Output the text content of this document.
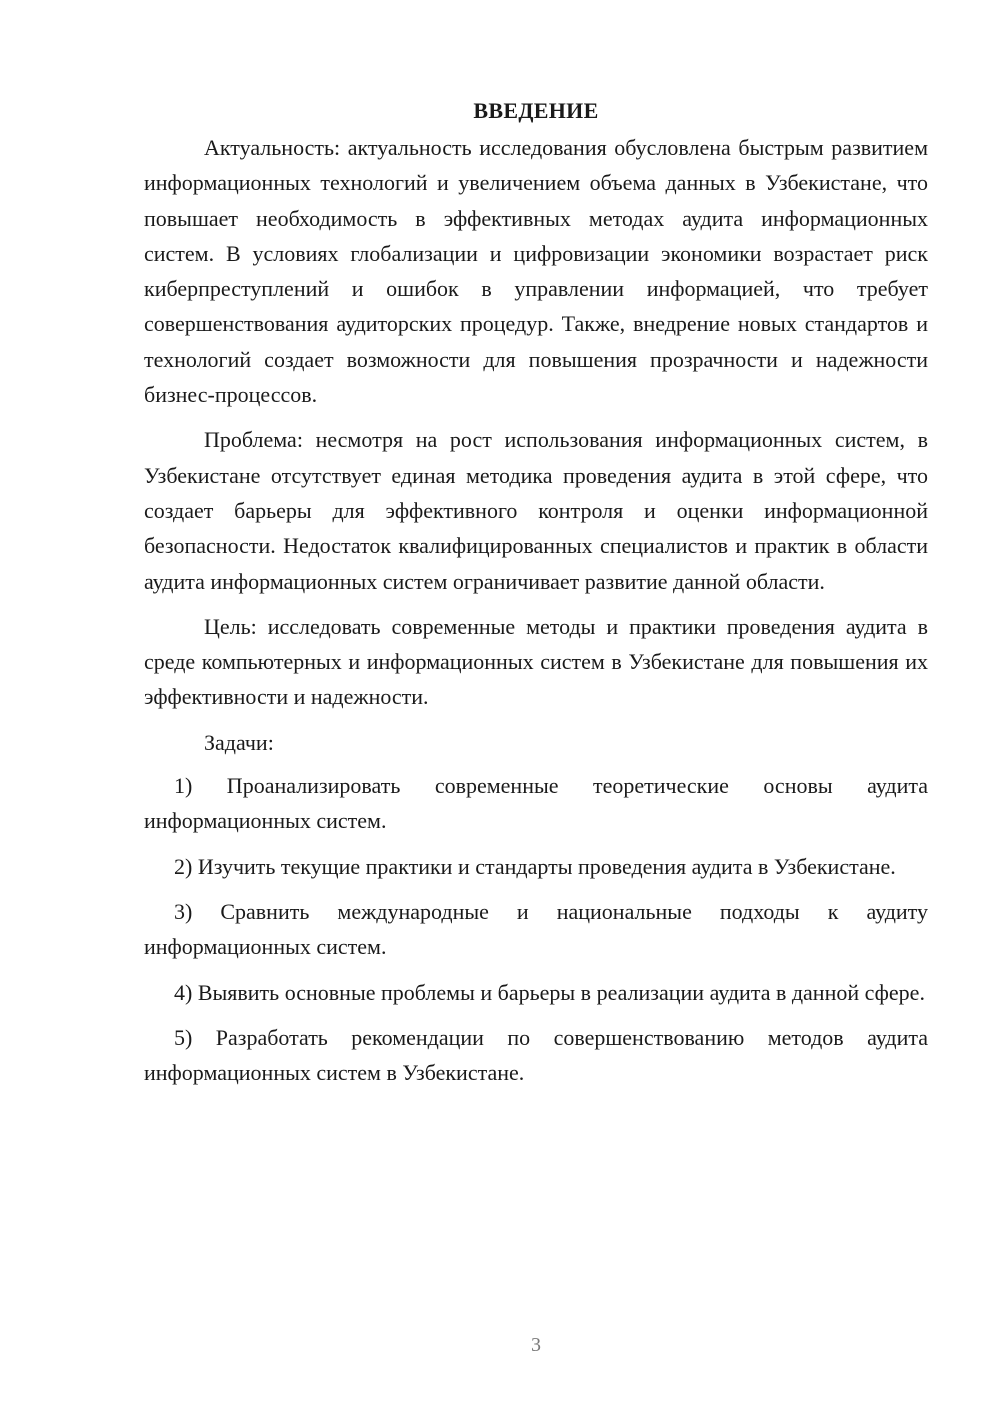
ВВЕДЕНИЕ

Актуальность: актуальность исследования обусловлена быстрым развитием информационных технологий и увеличением объема данных в Узбекистане, что повышает необходимость в эффективных методах аудита информационных систем. В условиях глобализации и цифровизации экономики возрастает риск киберпреступлений и ошибок в управлении информацией, что требует совершенствования аудиторских процедур. Также, внедрение новых стандартов и технологий создает возможности для повышения прозрачности и надежности бизнес-процессов.

Проблема: несмотря на рост использования информационных систем, в Узбекистане отсутствует единая методика проведения аудита в этой сфере, что создает барьеры для эффективного контроля и оценки информационной безопасности. Недостаток квалифицированных специалистов и практик в области аудита информационных систем ограничивает развитие данной области.

Цель: исследовать современные методы и практики проведения аудита в среде компьютерных и информационных систем в Узбекистане для повышения их эффективности и надежности.

Задачи:

1) Проанализировать современные теоретические основы аудита информационных систем.

2) Изучить текущие практики и стандарты проведения аудита в Узбекистане.

3) Сравнить международные и национальные подходы к аудиту информационных систем.

4) Выявить основные проблемы и барьеры в реализации аудита в данной сфере.

5) Разработать рекомендации по совершенствованию методов аудита информационных систем в Узбекистане.

3
